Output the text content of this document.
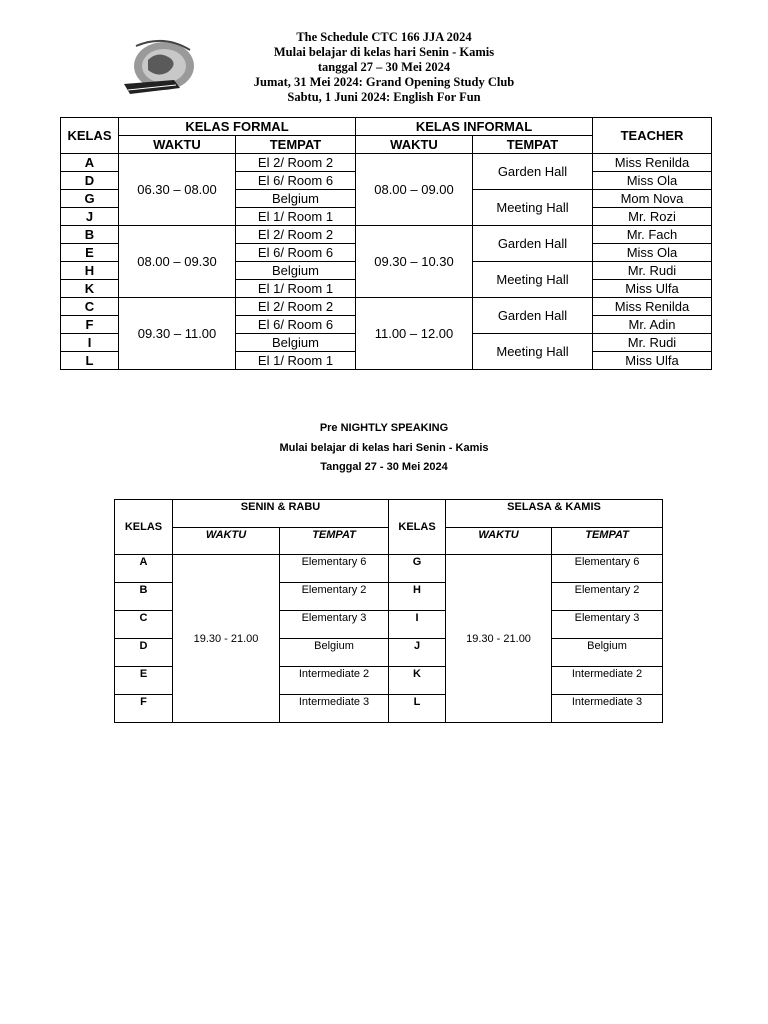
The Schedule CTC 166 JJA 2024
Mulai belajar di kelas hari Senin - Kamis
tanggal 27 – 30 Mei 2024
Jumat, 31 Mei 2024: Grand Opening Study Club
Sabtu, 1 Juni 2024: English For Fun
KELAS	KELAS FORMAL		KELAS INFORMAL		TEACHER
	WAKTU	TEMPAT	WAKTU	TEMPAT	
A	06.30 – 08.00	El 2/ Room 2	08.00 – 09.00	Garden Hall	Miss Renilda
D		El 6/ Room 6			Miss Ola
G		Belgium		Meeting Hall	Mom Nova
J		El 1/ Room 1			Mr. Rozi
B	08.00 – 09.30	El 2/ Room 2	09.30 – 10.30	Garden Hall	Mr. Fach
E		El 6/ Room 6			Miss Ola
H		Belgium		Meeting Hall	Mr. Rudi
K		El 1/ Room 1			Miss Ulfa
C	09.30 – 11.00	El 2/ Room 2	11.00 – 12.00	Garden Hall	Miss Renilda
F		El 6/ Room 6			Mr. Adin
I		Belgium		Meeting Hall	Mr. Rudi
L		El 1/ Room 1			Miss Ulfa
Pre NIGHTLY SPEAKING
Mulai belajar di kelas hari Senin - Kamis
Tanggal 27 - 30 Mei 2024
KELAS	SENIN & RABU		KELAS	SELASA & KAMIS	
	WAKTU	TEMPAT		WAKTU	TEMPAT
A	19.30 - 21.00	Elementary 6	G	19.30 - 21.00	Elementary 6
B		Elementary 2	H		Elementary 2
C		Elementary 3	I		Elementary 3
D		Belgium	J		Belgium
E		Intermediate 2	K		Intermediate 2
F		Intermediate 3	L		Intermediate 3
